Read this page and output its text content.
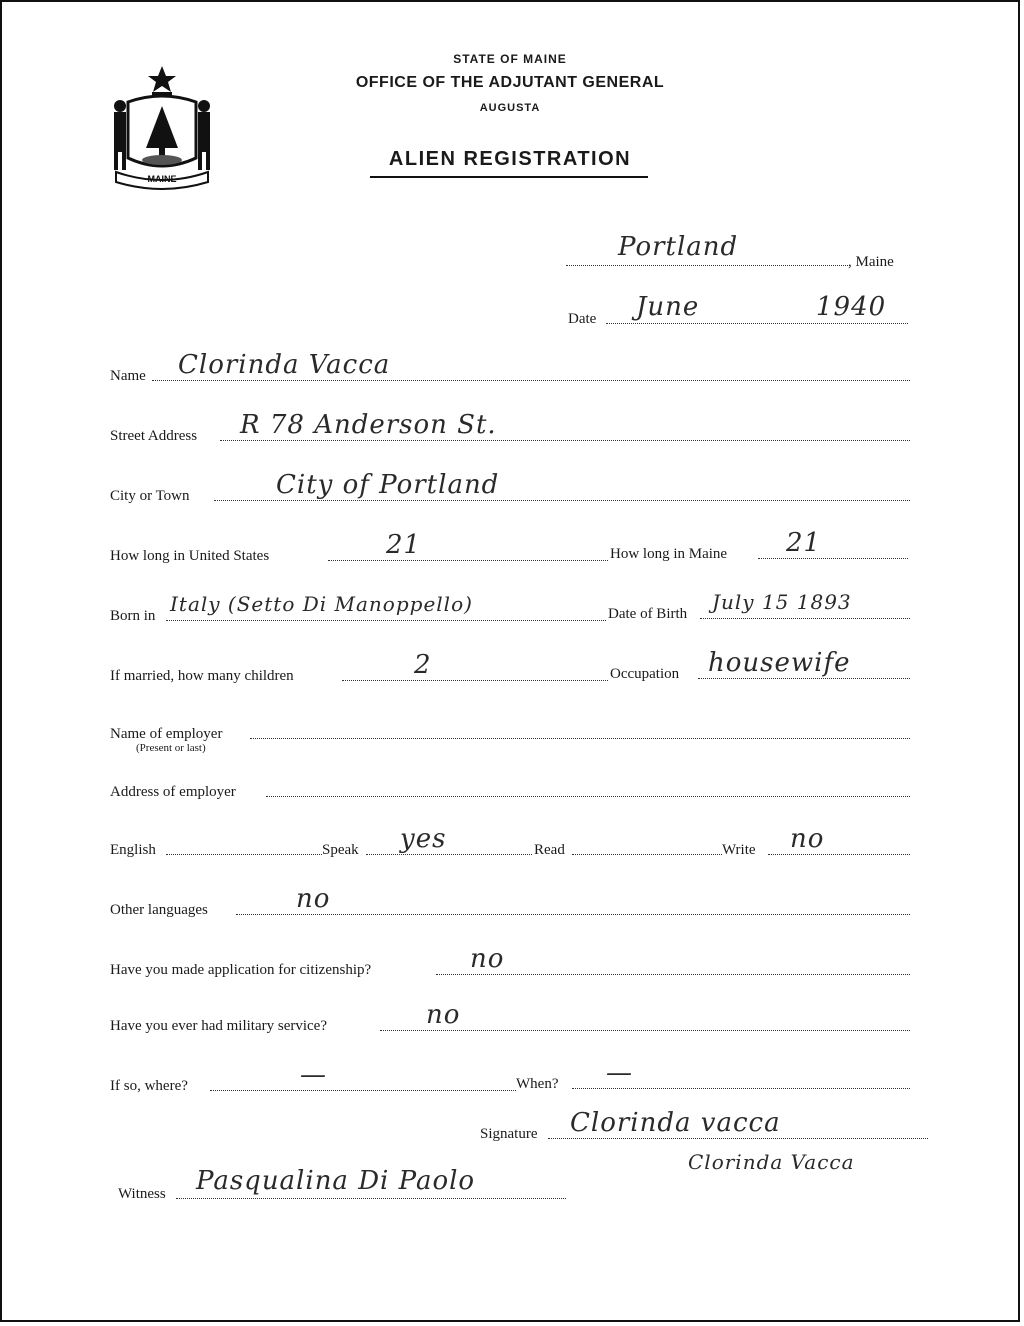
MAINE
STATE OF MAINE
OFFICE OF THE ADJUTANT GENERAL
AUGUSTA
ALIEN REGISTRATION
Portland	, Maine
Date June	1940
Name Clorinda Vacca
Street Address R 78 Anderson St.
City or Town	City of Portland
How long in United States	21	How long in Maine 21
Born in Italy (Setto Di Manoppello)	Date of Birth July 15 1893
If married, how many children	2	Occupation housewife
Name of employer
(Present or last)
Address of employer
English	Speak yes	Read	Write no
Other languages	no
Have you made application for citizenship?	no
Have you ever had military service?	no
If so, where?	—	When? —
Signature Clorinda vacca
Clorinda Vacca
Witness Pasqualina Di Paolo
